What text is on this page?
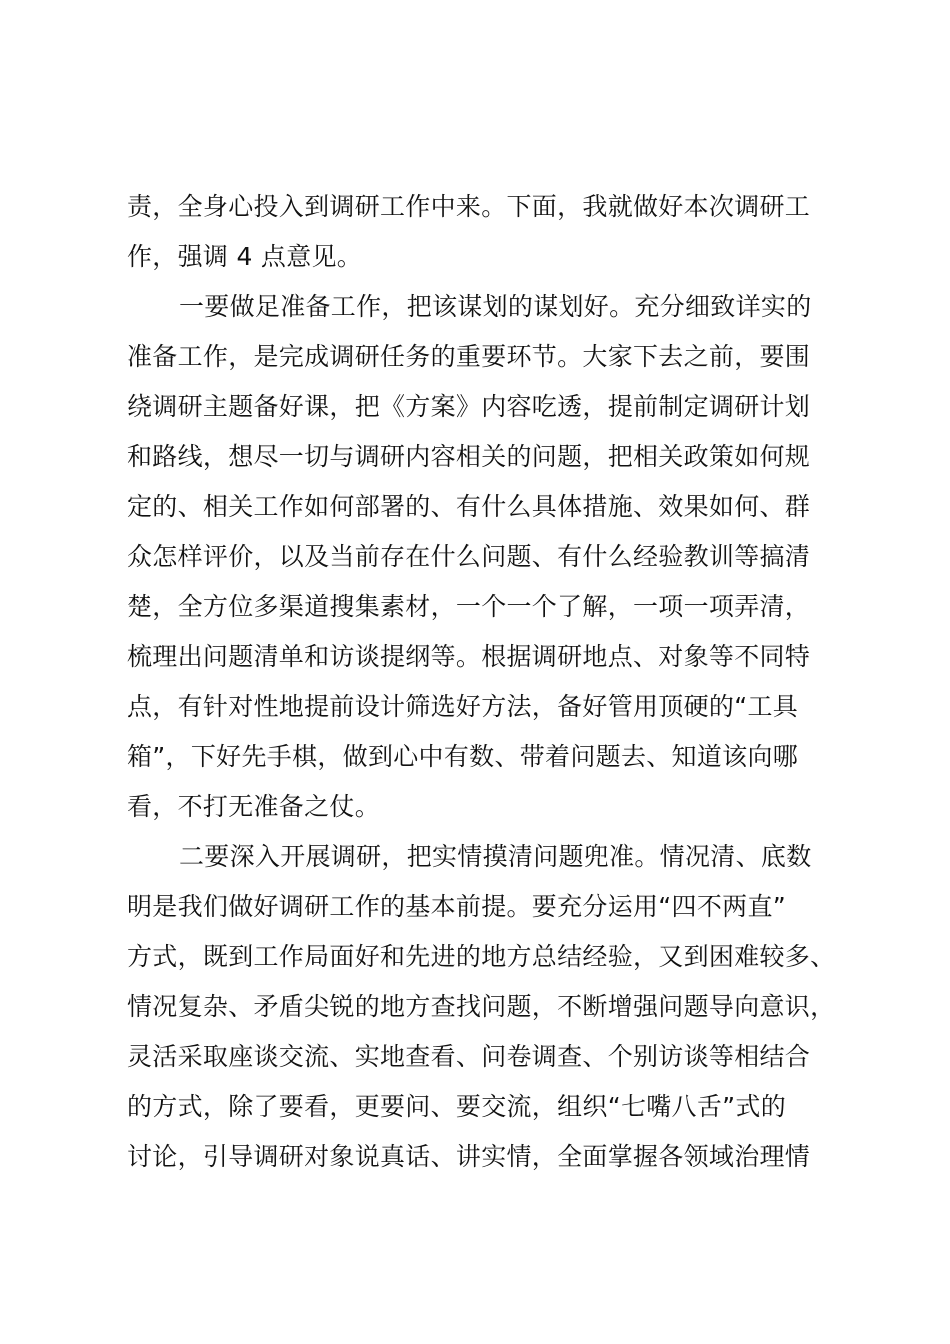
责，全身心投入到调研工作中来。下面，我就做好本次调研工
作，强调 4 点意见。
一要做足准备工作，把该谋划的谋划好。充分细致详实的
准备工作，是完成调研任务的重要环节。大家下去之前，要围
绕调研主题备好课，把《方案》内容吃透，提前制定调研计划
和路线，想尽一切与调研内容相关的问题，把相关政策如何规
定的、相关工作如何部署的、有什么具体措施、效果如何、群
众怎样评价，以及当前存在什么问题、有什么经验教训等搞清
楚，全方位多渠道搜集素材，一个一个了解，一项一项弄清，
梳理出问题清单和访谈提纲等。根据调研地点、对象等不同特
点，有针对性地提前设计筛选好方法，备好管用顶硬的“工具
箱”，下好先手棋，做到心中有数、带着问题去、知道该向哪
看，不打无准备之仗。
二要深入开展调研，把实情摸清问题兜准。情况清、底数
明是我们做好调研工作的基本前提。要充分运用“四不两直”
方式，既到工作局面好和先进的地方总结经验，又到困难较多、
情况复杂、矛盾尖锐的地方查找问题，不断增强问题导向意识，
灵活采取座谈交流、实地查看、问卷调查、个别访谈等相结合
的方式，除了要看，更要问、要交流，组织“七嘴八舌”式的
讨论，引导调研对象说真话、讲实情，全面掌握各领域治理情
